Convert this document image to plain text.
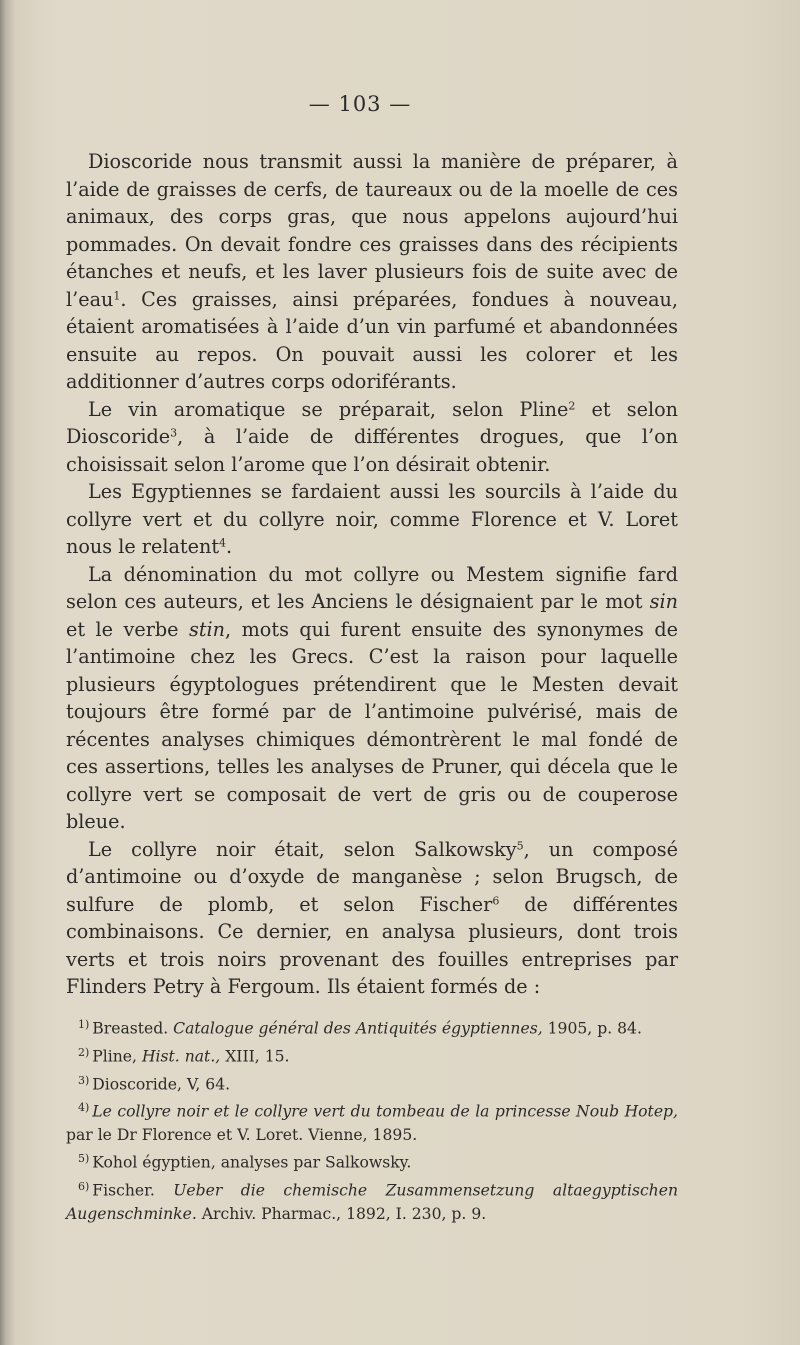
— 103 —

Dioscoride nous transmit aussi la manière de préparer, à l’aide de graisses de cerfs, de taureaux ou de la moelle de ces animaux, des corps gras, que nous appelons aujourd’hui pommades. On devait fondre ces graisses dans des récipients étanches et neufs, et les laver plusieurs fois de suite avec de l’eau$^1$. Ces graisses, ainsi préparées, fondues à nouveau, étaient aromatisées à l’aide d’un vin parfumé et abandonnées ensuite au repos. On pouvait aussi les colorer et les additionner d’autres corps odoriférants.

Le vin aromatique se préparait, selon Pline$^2$ et selon Dioscoride$^3$, à l’aide de différentes drogues, que l’on choisissait selon l’arome que l’on désirait obtenir.

Les Egyptiennes se fardaient aussi les sourcils à l’aide du collyre vert et du collyre noir, comme Florence et V. Loret nous le relatent$^4$.

La dénomination du mot collyre ou Mestem signifie fard selon ces auteurs, et les Anciens le désignaient par le mot sin et le verbe stin, mots qui furent ensuite des synonymes de l’antimoine chez les Grecs. C’est la raison pour laquelle plusieurs égyptologues prétendirent que le Mesten devait toujours être formé par de l’antimoine pulvérisé, mais de récentes analyses chimiques démontrèrent le mal fondé de ces assertions, telles les analyses de Pruner, qui décela que le collyre vert se composait de vert de gris ou de couperose bleue.

Le collyre noir était, selon Salkowsky$^5$, un composé d’antimoine ou d’oxyde de manganèse ; selon Brugsch, de sulfure de plomb, et selon Fischer$^6$ de différentes combinaisons. Ce dernier, en analysa plusieurs, dont trois verts et trois noirs provenant des fouilles entreprises par Flinders Petry à Fergoum. Ils étaient formés de :

$^{1)}$ Breasted. Catalogue général des Antiquités égyptiennes, 1905, p. 84.

$^{2)}$ Pline, Hist. nat., XIII, 15.

$^{3)}$ Dioscoride, V, 64.

$^{4)}$ Le collyre noir et le collyre vert du tombeau de la princesse Noub Hotep, par le Dr Florence et V. Loret. Vienne, 1895.

$^{5)}$ Kohol égyptien, analyses par Salkowsky.

$^{6)}$ Fischer. Ueber die chemische Zusammensetzung altaegyptischen Augenschminke. Archiv. Pharmac., 1892, I. 230, p. 9.
